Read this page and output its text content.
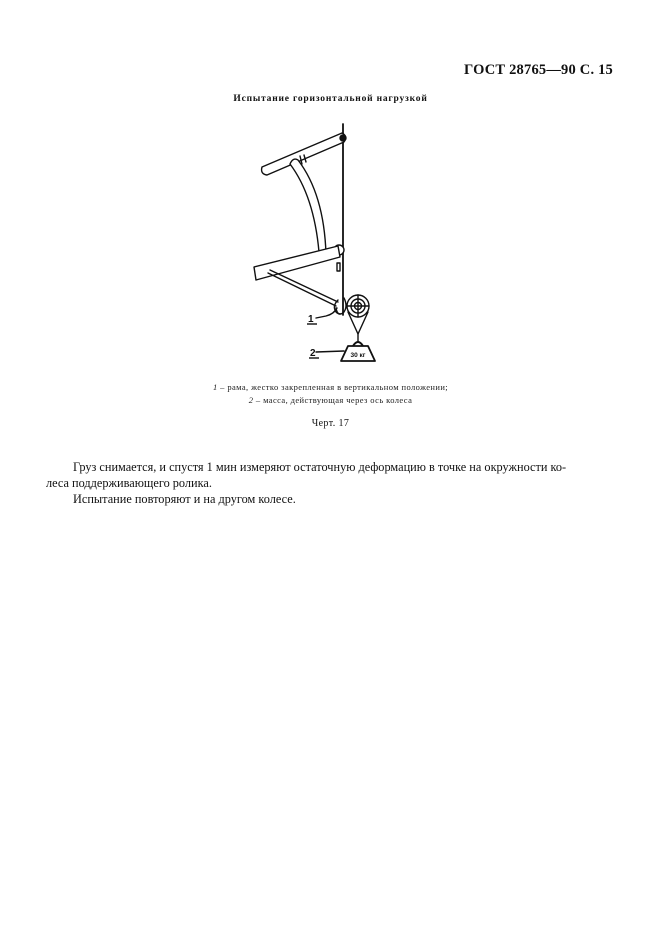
ГОСТ 28765—90 С. 15
Испытание горизонтальной нагрузкой
1
2	30 кг
1 – рама, жестко закрепленная в вертикальном положении;
2 – масса, действующая через ось колеса
Черт. 17

Груз снимается, и спустя 1 мин измеряют остаточную деформацию в точке на окружности ко-

леса поддерживающего ролика.

Испытание повторяют и на другом колесе.
